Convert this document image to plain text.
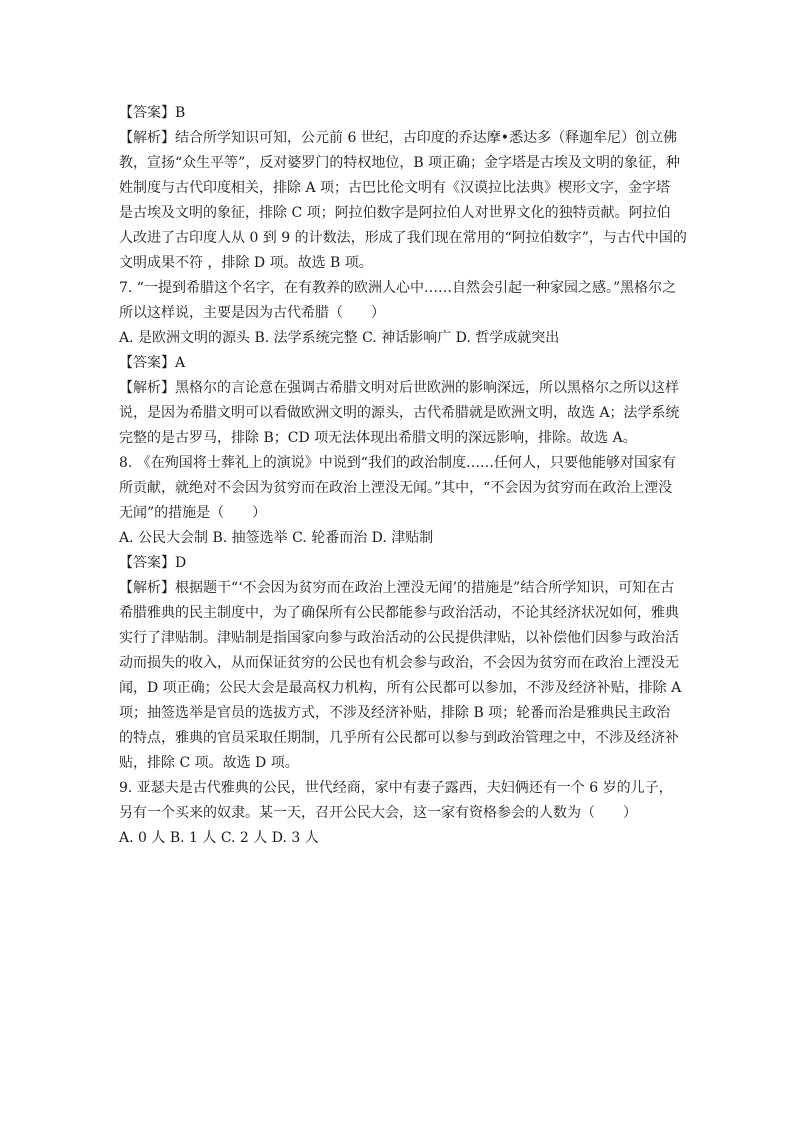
【答案】B
【解析】结合所学知识可知，公元前 6 世纪，古印度的乔达摩•悉达多（释迦牟尼）创立佛
教，宣扬“众生平等”，反对婆罗门的特权地位，B 项正确；金字塔是古埃及文明的象征，种
姓制度与古代印度相关，排除 A 项；古巴比伦文明有《汉谟拉比法典》楔形文字，金字塔
是古埃及文明的象征，排除 C 项；阿拉伯数字是阿拉伯人对世界文化的独特贡献。阿拉伯
人改进了古印度人从 0 到 9 的计数法，形成了我们现在常用的“阿拉伯数字”，与古代中国的
文明成果不符 ，排除 D 项。故选 B 项。
7. “一提到希腊这个名字，在有教养的欧洲人心中……自然会引起一种家园之感。”黑格尔之
所以这样说，主要是因为古代希腊（　　）
A. 是欧洲文明的源头 B. 法学系统完整 C. 神话影响广 D. 哲学成就突出
【答案】A
【解析】黑格尔的言论意在强调古希腊文明对后世欧洲的影响深远，所以黑格尔之所以这样
说，是因为希腊文明可以看做欧洲文明的源头，古代希腊就是欧洲文明，故选 A；法学系统
完整的是古罗马，排除 B；CD 项无法体现出希腊文明的深远影响，排除。故选 A。
8. 《在殉国将士葬礼上的演说》中说到“我们的政治制度……任何人，只要他能够对国家有
所贡献，就绝对不会因为贫穷而在政治上湮没无闻。”其中，“不会因为贫穷而在政治上湮没
无闻”的措施是（　　）
A. 公民大会制 B. 抽签选举 C. 轮番而治 D. 津贴制
【答案】D
【解析】根据题干“‘不会因为贫穷而在政治上湮没无闻’的措施是”结合所学知识，可知在古
希腊雅典的民主制度中，为了确保所有公民都能参与政治活动，不论其经济状况如何，雅典
实行了津贴制。津贴制是指国家向参与政治活动的公民提供津贴，以补偿他们因参与政治活
动而损失的收入，从而保证贫穷的公民也有机会参与政治，不会因为贫穷而在政治上湮没无
闻，D 项正确；公民大会是最高权力机构，所有公民都可以参加，不涉及经济补贴，排除 A
项；抽签选举是官员的选拔方式，不涉及经济补贴，排除 B 项；轮番而治是雅典民主政治
的特点，雅典的官员采取任期制，几乎所有公民都可以参与到政治管理之中，不涉及经济补
贴，排除 C 项。故选 D 项。
9. 亚瑟夫是古代雅典的公民，世代经商，家中有妻子露西，夫妇俩还有一个 6 岁的儿子，
另有一个买来的奴隶。某一天，召开公民大会，这一家有资格参会的人数为（　　）
A. 0 人 B. 1 人 C. 2 人 D. 3 人
